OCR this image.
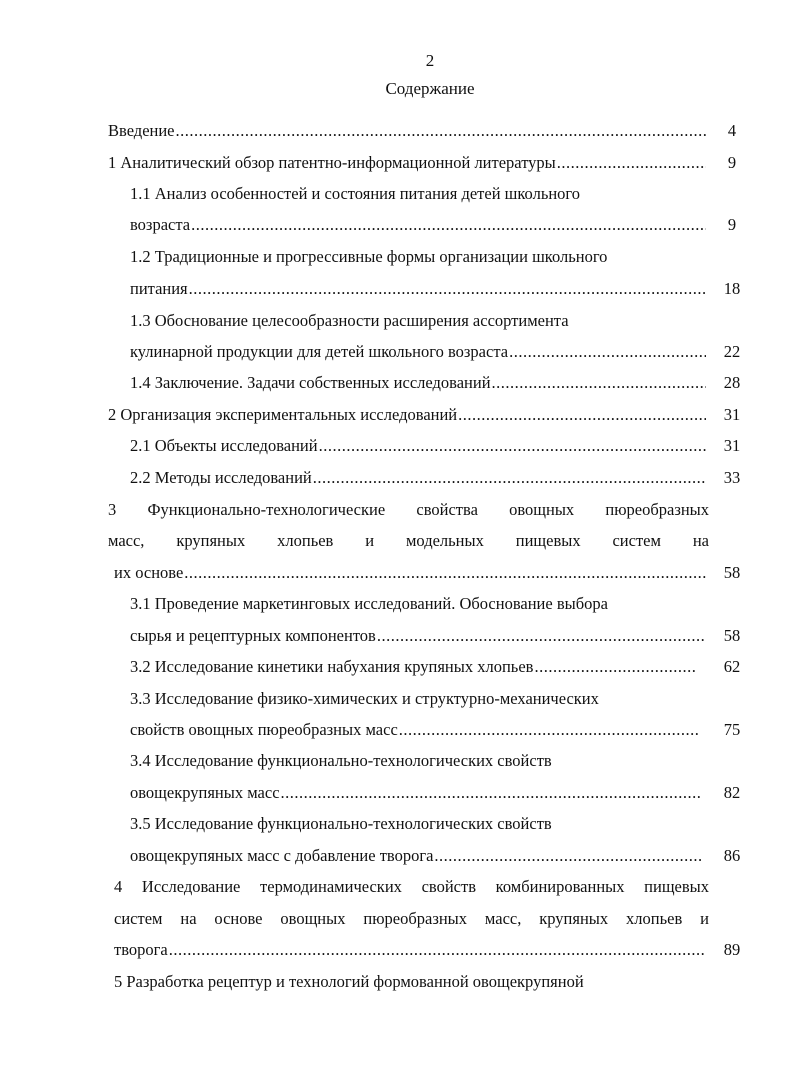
2
Содержание
Введение .....	4
1 Аналитический обзор патентно-информационной литературы .....	9
1.1 Анализ особенностей и состояния питания детей школьного
возраста .....	9
1.2 Традиционные и прогрессивные формы организации школьного
питания .....	18
1.3 Обоснование целесообразности расширения ассортимента
кулинарной продукции для детей школьного возраста .....	22
1.4 Заключение. Задачи собственных исследований .....	28
2 Организация экспериментальных исследований .....	31
2.1 Объекты исследований .....	31
2.2 Методы исследований .....	33
3 Функционально-технологические свойства овощных пюреобразных
масс, крупяных хлопьев и модельных пищевых систем на
их основе .....	58
3.1 Проведение маркетинговых исследований. Обоснование выбора
сырья и рецептурных компонентов .....	58
3.2 Исследование кинетики набухания крупяных хлопьев .....	62
3.3 Исследование физико-химических и структурно-механических
свойств овощных пюреобразных масс .....	75
3.4 Исследование функционально-технологических свойств
овощекрупяных масс .....	82
3.5 Исследование функционально-технологических свойств
овощекрупяных масс с добавление творога .....	86
4 Исследование термодинамических свойств комбинированных пищевых
систем на основе овощных пюреобразных масс, крупяных хлопьев и
творога .....	89
5 Разработка рецептур и технологий формованной овощекрупяной
